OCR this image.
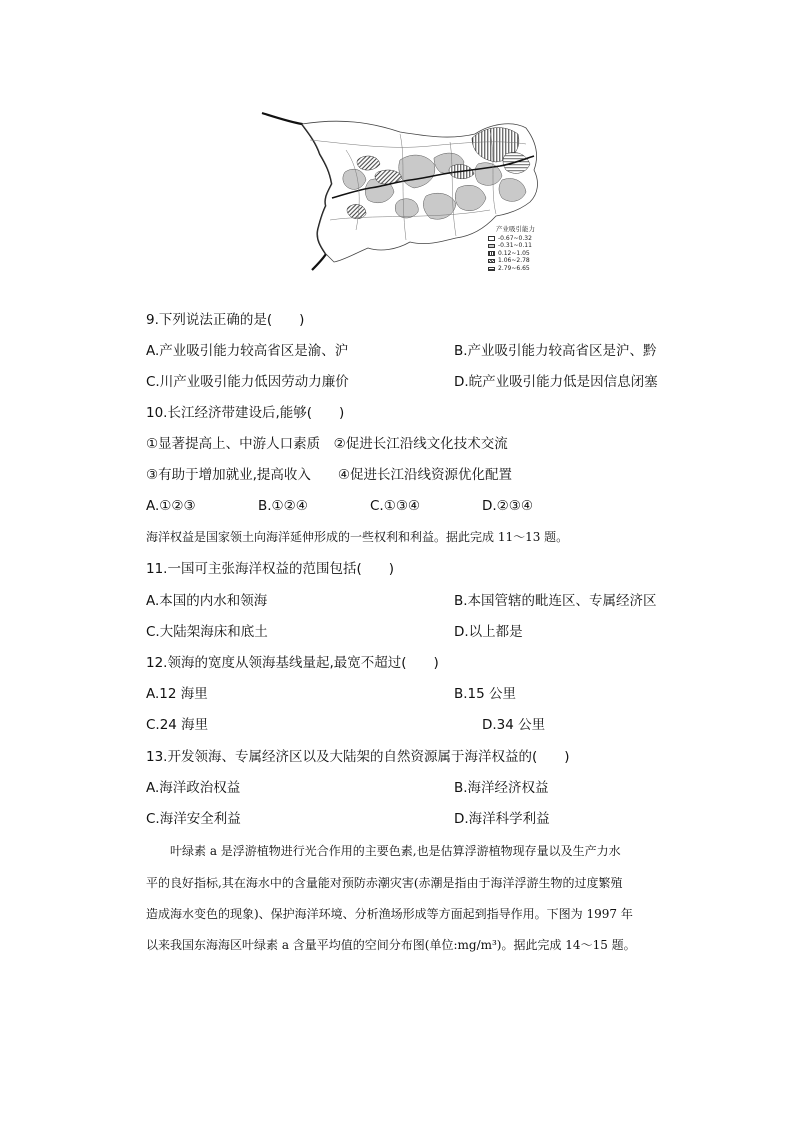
产业吸引能力
-0.67~0.32
-0.31~0.11
0.12~1.05
1.06~2.78
2.79~6.65
9.下列说法正确的是(　　)
A.产业吸引能力较高省区是渝、沪	B.产业吸引能力较高省区是沪、黔
C.川产业吸引能力低因劳动力廉价	D.皖产业吸引能力低是因信息闭塞
10.长江经济带建设后,能够(　　)
①显著提高上、中游人口素质　②促进长江沿线文化技术交流
③有助于增加就业,提高收入　　④促进长江沿线资源优化配置
A.①②③	B.①②④	C.①③④	D.②③④
海洋权益是国家领土向海洋延伸形成的一些权利和利益。据此完成 11～13 题。
11.一国可主张海洋权益的范围包括(　　)
A.本国的内水和领海	B.本国管辖的毗连区、专属经济区
C.大陆架海床和底土	D.以上都是
12.领海的宽度从领海基线量起,最宽不超过(　　)
A.12 海里	B.15 公里
C.24 海里	D.34 公里
13.开发领海、专属经济区以及大陆架的自然资源属于海洋权益的(　　)
A.海洋政治权益	B.海洋经济权益
C.海洋安全利益	D.海洋科学利益
叶绿素 a 是浮游植物进行光合作用的主要色素,也是估算浮游植物现存量以及生产力水
平的良好指标,其在海水中的含量能对预防赤潮灾害(赤潮是指由于海洋浮游生物的过度繁殖
造成海水变色的现象)、保护海洋环境、分析渔场形成等方面起到指导作用。下图为 1997 年
以来我国东海海区叶绿素 a 含量平均值的空间分布图(单位:mg/m³)。据此完成 14～15 题。
